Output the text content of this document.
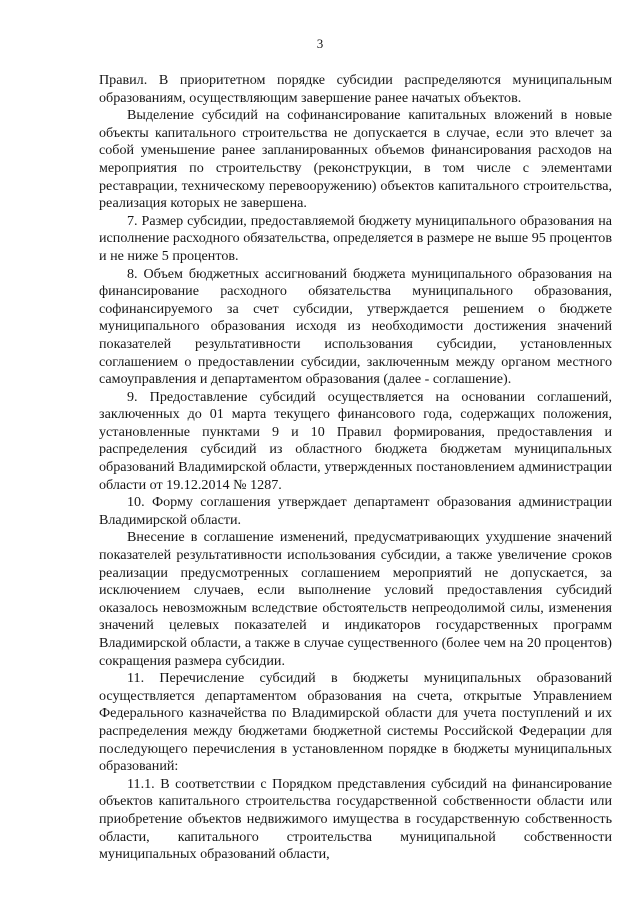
3

Правил. В приоритетном порядке субсидии распределяются муниципальным образованиям, осуществляющим завершение ранее начатых объектов.

Выделение субсидий на софинансирование капитальных вложений в новые объекты капитального строительства не допускается в случае, если это влечет за собой уменьшение ранее запланированных объемов финансирования расходов на мероприятия по строительству (реконструкции, в том числе с элементами реставрации, техническому перевооружению) объектов капитального строительства, реализация которых не завершена.

7. Размер субсидии, предоставляемой бюджету муниципального образования на исполнение расходного обязательства, определяется в размере не выше 95 процентов и не ниже 5 процентов.

8. Объем бюджетных ассигнований бюджета муниципального образования на финансирование расходного обязательства муниципального образования, софинансируемого за счет субсидии, утверждается решением о бюджете муниципального образования исходя из необходимости достижения значений показателей результативности использования субсидии, установленных соглашением о предоставлении субсидии, заключенным между органом местного самоуправления и департаментом образования (далее - соглашение).

9. Предоставление субсидий осуществляется на основании соглашений, заключенных до 01 марта текущего финансового года, содержащих положения, установленные пунктами 9 и 10 Правил формирования, предоставления и распределения субсидий из областного бюджета бюджетам муниципальных образований Владимирской области, утвержденных постановлением администрации области от 19.12.2014 № 1287.

10. Форму соглашения утверждает департамент образования администрации Владимирской области.

Внесение в соглашение изменений, предусматривающих ухудшение значений показателей результативности использования субсидии, а также увеличение сроков реализации предусмотренных соглашением мероприятий не допускается, за исключением случаев, если выполнение условий предоставления субсидий оказалось невозможным вследствие обстоятельств непреодолимой силы, изменения значений целевых показателей и индикаторов государственных программ Владимирской области, а также в случае существенного (более чем на 20 процентов) сокращения размера субсидии.

11. Перечисление субсидий в бюджеты муниципальных образований осуществляется департаментом образования на счета, открытые Управлением Федерального казначейства по Владимирской области для учета поступлений и их распределения между бюджетами бюджетной системы Российской Федерации для последующего перечисления в установленном порядке в бюджеты муниципальных образований:

11.1. В соответствии с Порядком представления субсидий на финансирование объектов капитального строительства государственной собственности области или приобретение объектов недвижимого имущества в государственную собственность области, капитального строительства муниципальной собственности муниципальных образований области,
